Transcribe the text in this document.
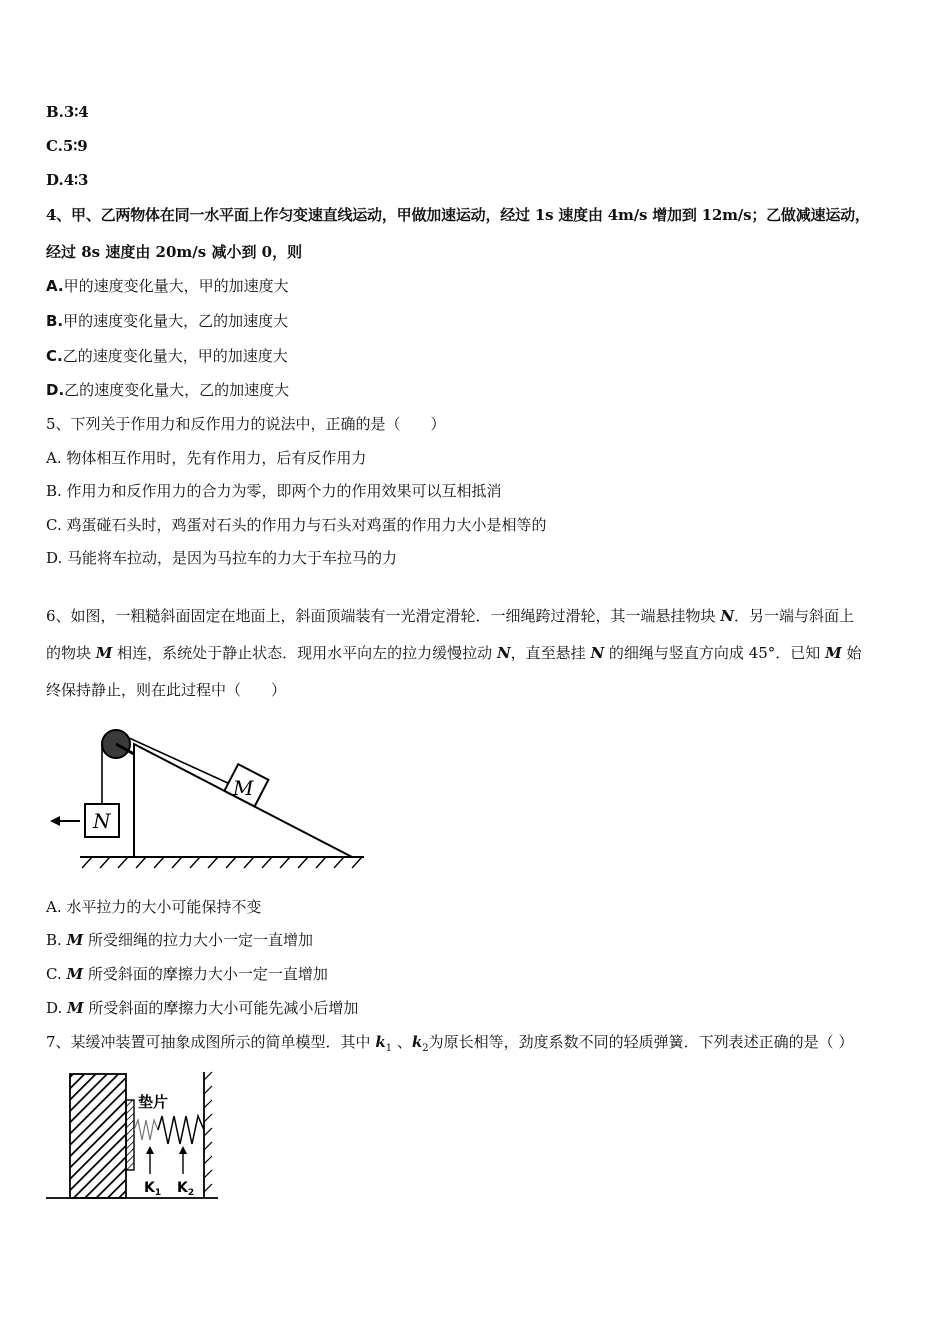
B.3∶4
C.5∶9
D.4∶3
4、甲、乙两物体在同一水平面上作匀变速直线运动，甲做加速运动，经过 1s 速度由 4m/s 增加到 12m/s；乙做减速运动，
经过 8s 速度由 20m/s 减小到 0，则
A.甲的速度变化量大，甲的加速度大
B.甲的速度变化量大，乙的加速度大
C.乙的速度变化量大，甲的加速度大
D.乙的速度变化量大，乙的加速度大
5、下列关于作用力和反作用力的说法中，正确的是（　　）
A. 物体相互作用时，先有作用力，后有反作用力
B. 作用力和反作用力的合力为零，即两个力的作用效果可以互相抵消
C. 鸡蛋碰石头时，鸡蛋对石头的作用力与石头对鸡蛋的作用力大小是相等的
D. 马能将车拉动，是因为马拉车的力大于车拉马的力
6、如图，一粗糙斜面固定在地面上，斜面顶端装有一光滑定滑轮．一细绳跨过滑轮，其一端悬挂物块 N．另一端与斜面上
的物块 M 相连，系统处于静止状态．现用水平向左的拉力缓慢拉动 N，直至悬挂 N 的细绳与竖直方向成 45°．已知 M 始
终保持静止，则在此过程中（　　）
M
N
A. 水平拉力的大小可能保持不变
B. M 所受细绳的拉力大小一定一直增加
C. M 所受斜面的摩擦力大小一定一直增加
D. M 所受斜面的摩擦力大小可能先减小后增加
7、某缓冲装置可抽象成图所示的简单模型．其中 $k_1$ 、$k_2$为原长相等，劲度系数不同的轻质弹簧．下列表述正确的是（ ）
垫片
$K_1$ $K_2$
